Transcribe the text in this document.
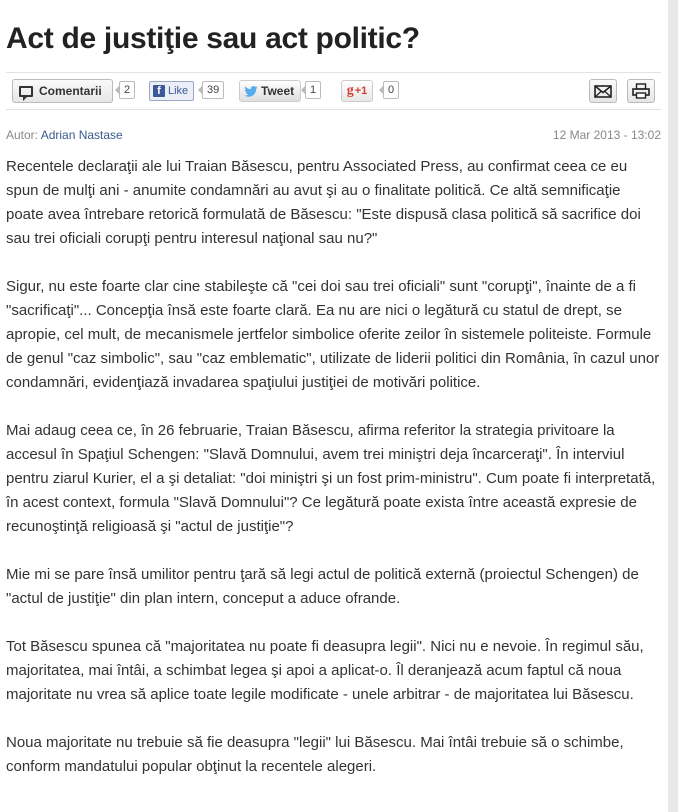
Act de justiţie sau act politic?
Comentarii	2	f Like	39	Tweet	1	g +1	0
Autor: Adrian Nastase	12 Mar 2013 - 13:02

Recentele declaraţii ale lui Traian Băsescu, pentru Associated Press, au confirmat ceea ce eu spun de mulţi ani - anumite condamnări au avut şi au o finalitate politică. Ce altă semnificaţie poate avea întrebare retorică formulată de Băsescu: "Este dispusă clasa politică să sacrifice doi sau trei oficiali corupţi pentru interesul naţional sau nu?"

Sigur, nu este foarte clar cine stabileşte că "cei doi sau trei oficiali" sunt "corupţi", înainte de a fi "sacrificaţi"... Concepţia însă este foarte clară. Ea nu are nici o legătură cu statul de drept, se apropie, cel mult, de mecanismele jertfelor simbolice oferite zeilor în sistemele politeiste. Formule de genul "caz simbolic", sau "caz emblematic", utilizate de liderii politici din România, în cazul unor condamnări, evidenţiază invadarea spaţiului justiţiei de motivări politice.

Mai adaug ceea ce, în 26 februarie, Traian Băsescu, afirma referitor la strategia privitoare la accesul în Spaţiul Schengen: "Slavă Domnului, avem trei miniştri deja încarceraţi". În interviul pentru ziarul Kurier, el a şi detaliat: "doi miniştri şi un fost prim-ministru". Cum poate fi interpretată, în acest context, formula "Slavă Domnului"? Ce legătură poate exista între această expresie de recunoştinţă religioasă şi "actul de justiţie"?

Mie mi se pare însă umilitor pentru ţară să legi actul de politică externă (proiectul Schengen) de "actul de justiţie" din plan intern, conceput a aduce ofrande.

Tot Băsescu spunea că "majoritatea nu poate fi deasupra legii". Nici nu e nevoie. În regimul său, majoritatea, mai întâi, a schimbat legea şi apoi a aplicat-o. Îl deranjează acum faptul că noua majoritate nu vrea să aplice toate legile modificate - unele arbitrar - de majoritatea lui Băsescu.

Noua majoritate nu trebuie să fie deasupra "legii" lui Băsescu. Mai întâi trebuie să o schimbe, conform mandatului popular obţinut la recentele alegeri.
